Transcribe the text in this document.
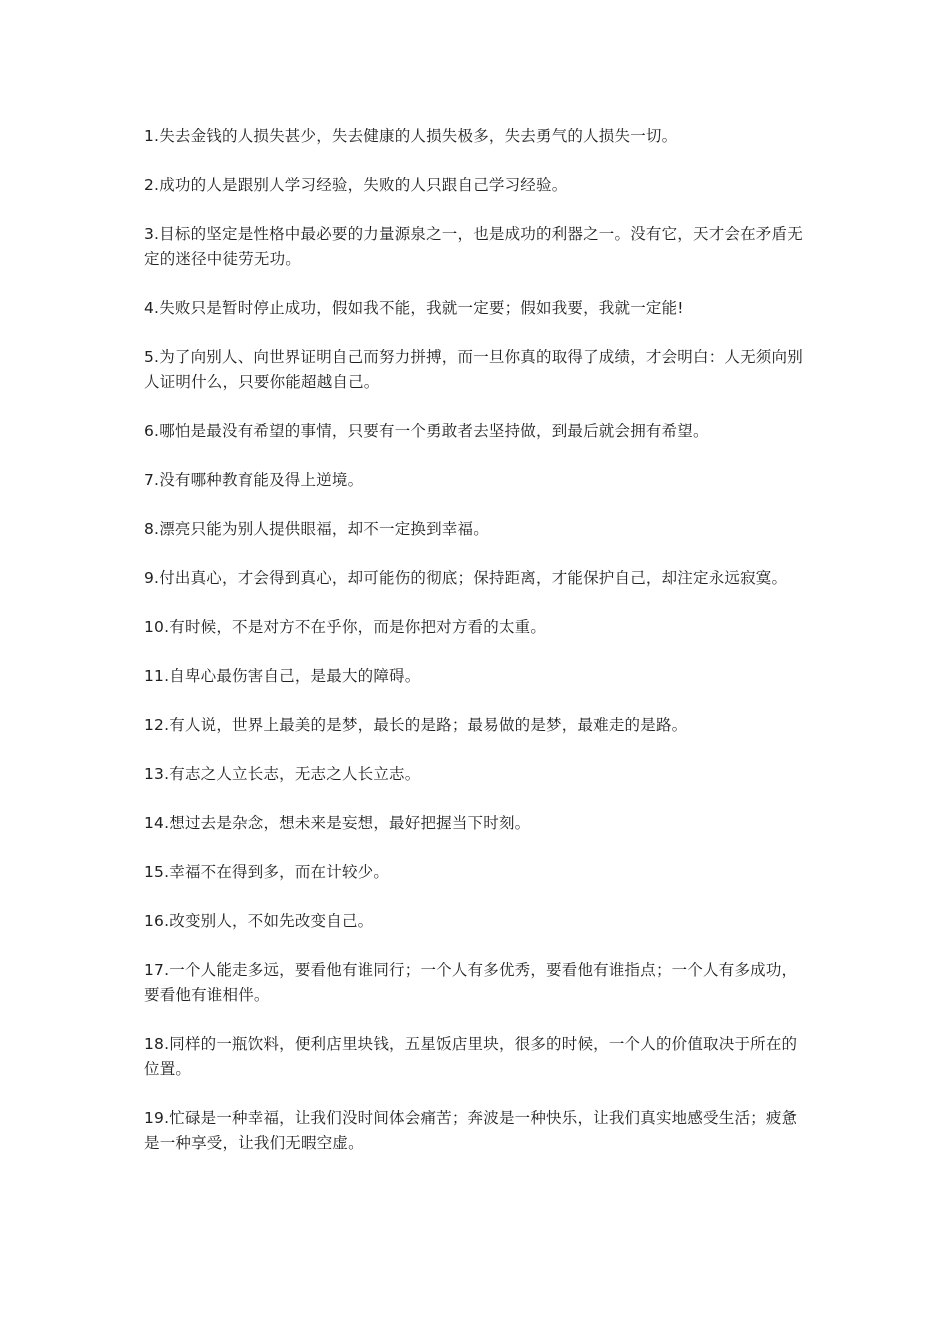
1.失去金钱的人损失甚少，失去健康的人损失极多，失去勇气的人损失一切。

2.成功的人是跟别人学习经验，失败的人只跟自己学习经验。

3.目标的坚定是性格中最必要的力量源泉之一，也是成功的利器之一。没有它，天才会在矛盾无定的迷径中徒劳无功。

4.失败只是暂时停止成功，假如我不能，我就一定要；假如我要，我就一定能!

5.为了向别人、向世界证明自己而努力拼搏，而一旦你真的取得了成绩，才会明白：人无须向别人证明什么，只要你能超越自己。

6.哪怕是最没有希望的事情，只要有一个勇敢者去坚持做，到最后就会拥有希望。

7.没有哪种教育能及得上逆境。

8.漂亮只能为别人提供眼福，却不一定换到幸福。

9.付出真心，才会得到真心，却可能伤的彻底；保持距离，才能保护自己，却注定永远寂寞。

10.有时候，不是对方不在乎你，而是你把对方看的太重。

11.自卑心最伤害自己，是最大的障碍。

12.有人说，世界上最美的是梦，最长的是路；最易做的是梦，最难走的是路。

13.有志之人立长志，无志之人长立志。

14.想过去是杂念，想未来是妄想，最好把握当下时刻。

15.幸福不在得到多，而在计较少。

16.改变别人，不如先改变自己。

17.一个人能走多远，要看他有谁同行；一个人有多优秀，要看他有谁指点；一个人有多成功，要看他有谁相伴。

18.同样的一瓶饮料，便利店里块钱，五星饭店里块，很多的时候，一个人的价值取决于所在的位置。

19.忙碌是一种幸福，让我们没时间体会痛苦；奔波是一种快乐，让我们真实地感受生活；疲惫是一种享受，让我们无暇空虚。
